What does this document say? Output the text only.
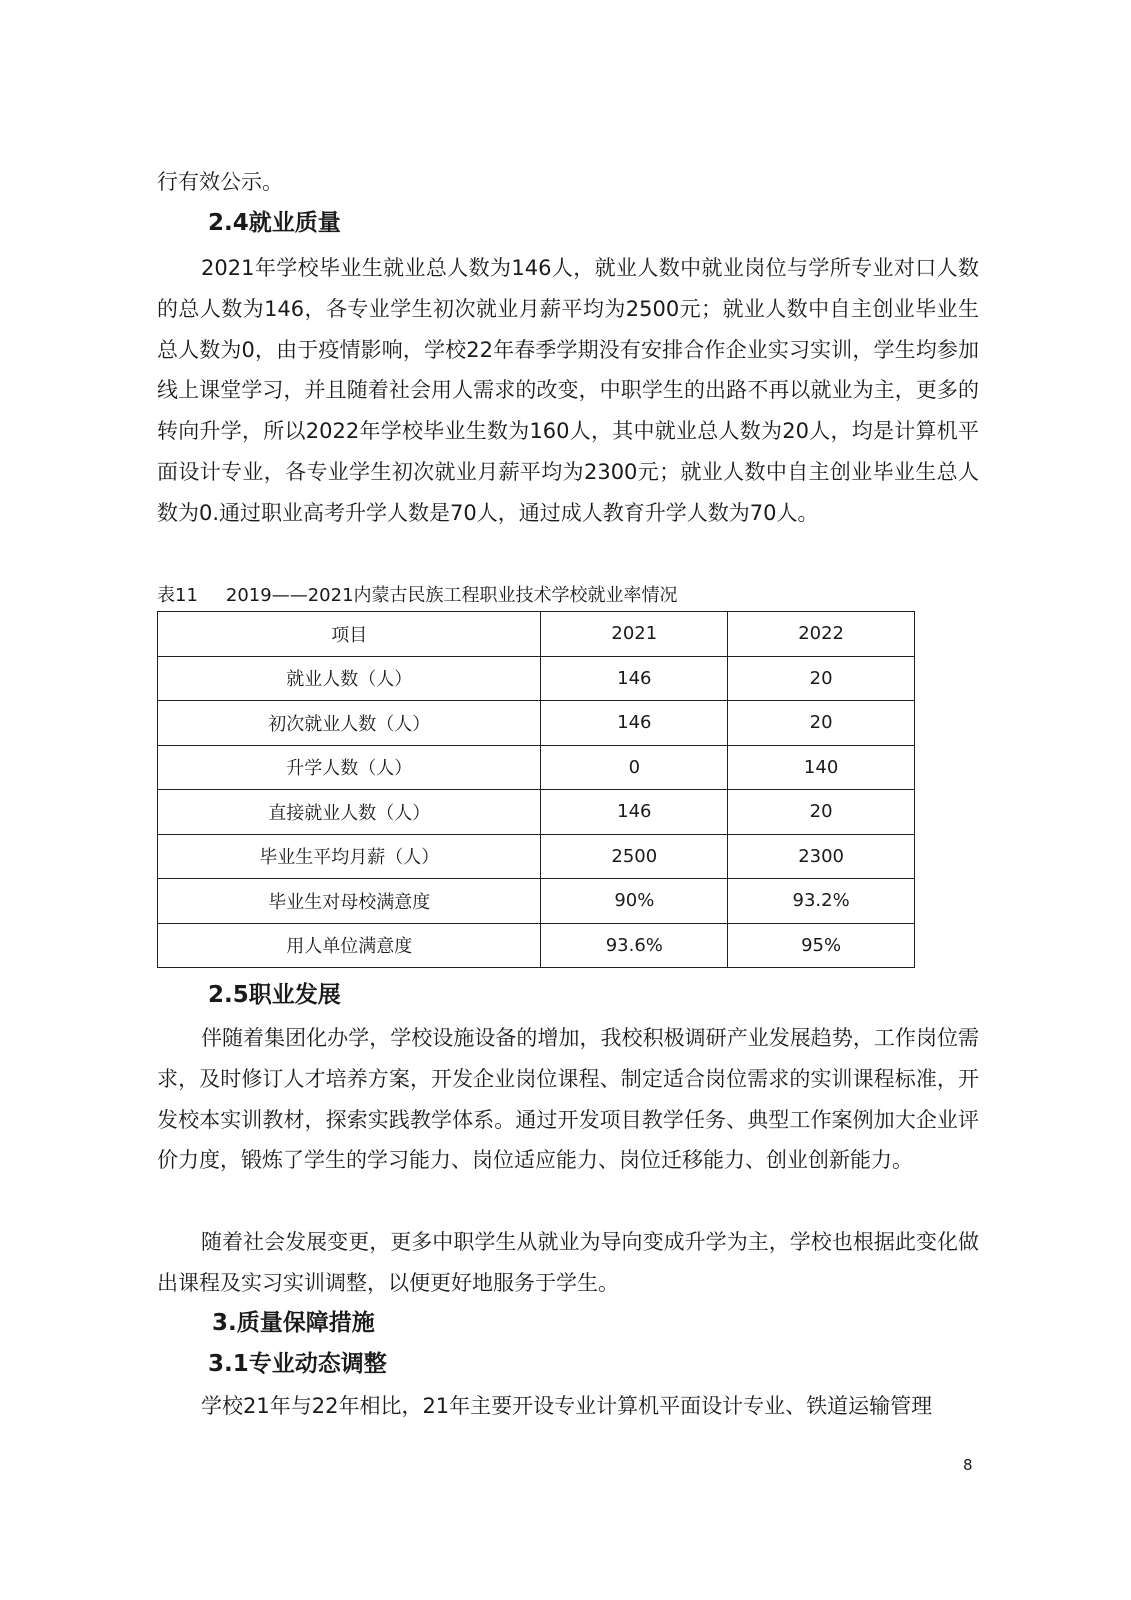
行有效公示。

2.4就业质量

2021年学校毕业生就业总人数为146人，就业人数中就业岗位与学所专业对口人数的总人数为146，各专业学生初次就业月薪平均为2500元；就业人数中自主创业毕业生总人数为0，由于疫情影响，学校22年春季学期没有安排合作企业实习实训，学生均参加线上课堂学习，并且随着社会用人需求的改变，中职学生的出路不再以就业为主，更多的转向升学，所以2022年学校毕业生数为160人，其中就业总人数为20人，均是计算机平面设计专业，各专业学生初次就业月薪平均为2300元；就业人数中自主创业毕业生总人数为0.通过职业高考升学人数是70人，通过成人教育升学人数为70人。

表11 2019——2021内蒙古民族工程职业技术学校就业率情况
项目	2021	2022
就业人数（人）	146	20
初次就业人数（人）	146	20
升学人数（人）	0	140
直接就业人数（人）	146	20
毕业生平均月薪（人）	2500	2300
毕业生对母校满意度	90%	93.2%
用人单位满意度	93.6%	95%
2.5职业发展

伴随着集团化办学，学校设施设备的增加，我校积极调研产业发展趋势，工作岗位需求，及时修订人才培养方案，开发企业岗位课程、制定适合岗位需求的实训课程标准，开发校本实训教材，探索实践教学体系。通过开发项目教学任务、典型工作案例加大企业评价力度，锻炼了学生的学习能力、岗位适应能力、岗位迁移能力、创业创新能力。

随着社会发展变更，更多中职学生从就业为导向变成升学为主，学校也根据此变化做出课程及实习实训调整，以便更好地服务于学生。

3.质量保障措施
3.1专业动态调整

学校21年与22年相比，21年主要开设专业计算机平面设计专业、铁道运输管理

8
